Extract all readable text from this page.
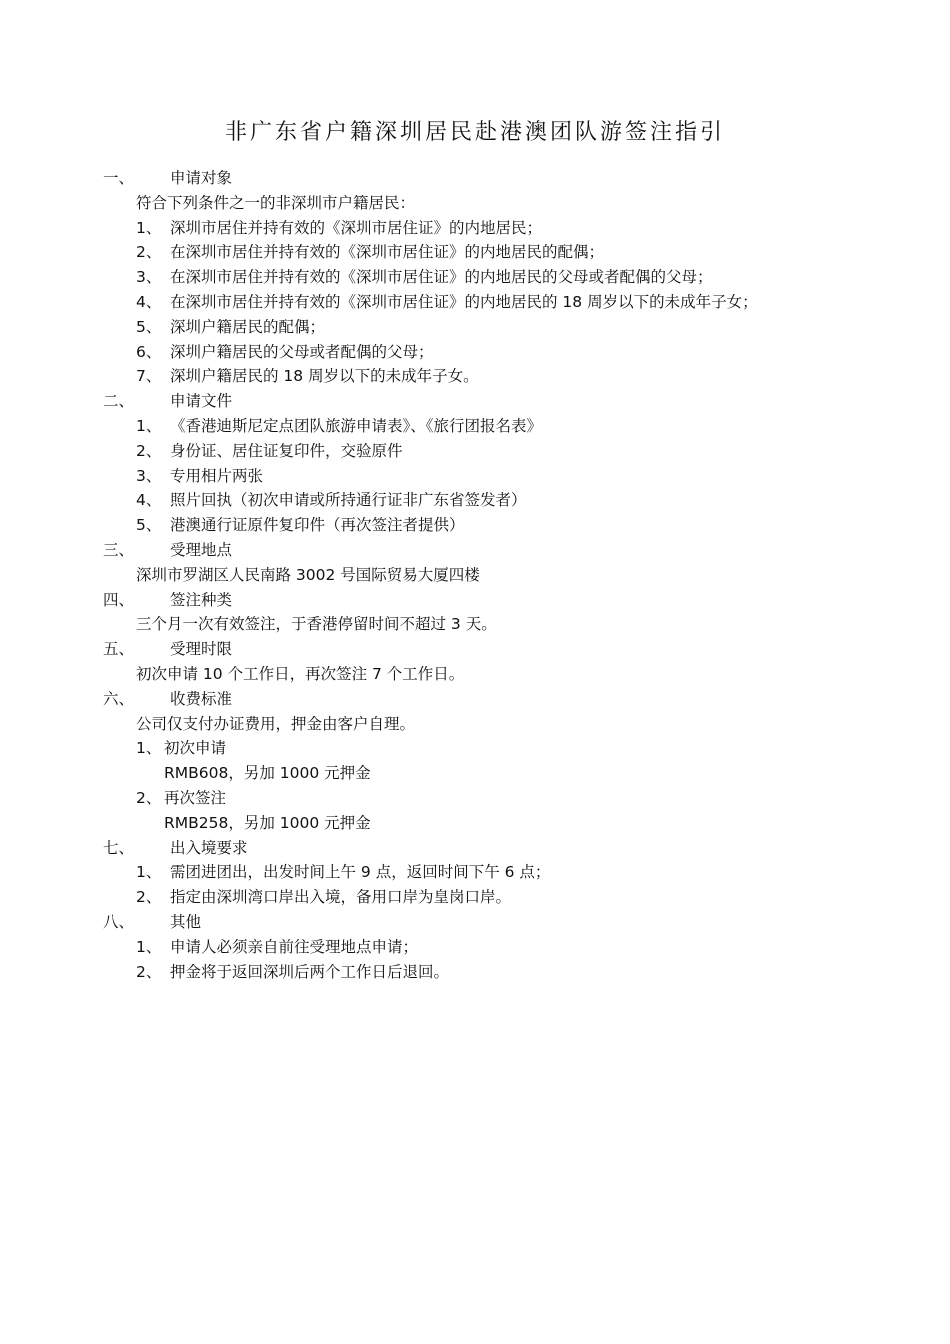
非广东省户籍深圳居民赴港澳团队游签注指引
一、 申请对象
符合下列条件之一的非深圳市户籍居民：
1、 深圳市居住并持有效的《深圳市居住证》的内地居民；
2、 在深圳市居住并持有效的《深圳市居住证》的内地居民的配偶；
3、 在深圳市居住并持有效的《深圳市居住证》的内地居民的父母或者配偶的父母；
4、 在深圳市居住并持有效的《深圳市居住证》的内地居民的 18 周岁以下的未成年子女；
5、 深圳户籍居民的配偶；
6、 深圳户籍居民的父母或者配偶的父母；
7、 深圳户籍居民的 18 周岁以下的未成年子女。
二、 申请文件
1、 《香港迪斯尼定点团队旅游申请表》、《旅行团报名表》
2、 身份证、居住证复印件，交验原件
3、 专用相片两张
4、 照片回执（初次申请或所持通行证非广东省签发者）
5、 港澳通行证原件复印件（再次签注者提供）
三、 受理地点
深圳市罗湖区人民南路 3002 号国际贸易大厦四楼
四、 签注种类
三个月一次有效签注，于香港停留时间不超过 3 天。
五、 受理时限
初次申请 10 个工作日，再次签注 7 个工作日。
六、 收费标准
公司仅支付办证费用，押金由客户自理。
1、 初次申请
RMB608，另加 1000 元押金
2、 再次签注
RMB258，另加 1000 元押金
七、 出入境要求
1、 需团进团出，出发时间上午 9 点，返回时间下午 6 点；
2、 指定由深圳湾口岸出入境，备用口岸为皇岗口岸。
八、 其他
1、 申请人必须亲自前往受理地点申请；
2、 押金将于返回深圳后两个工作日后退回。
